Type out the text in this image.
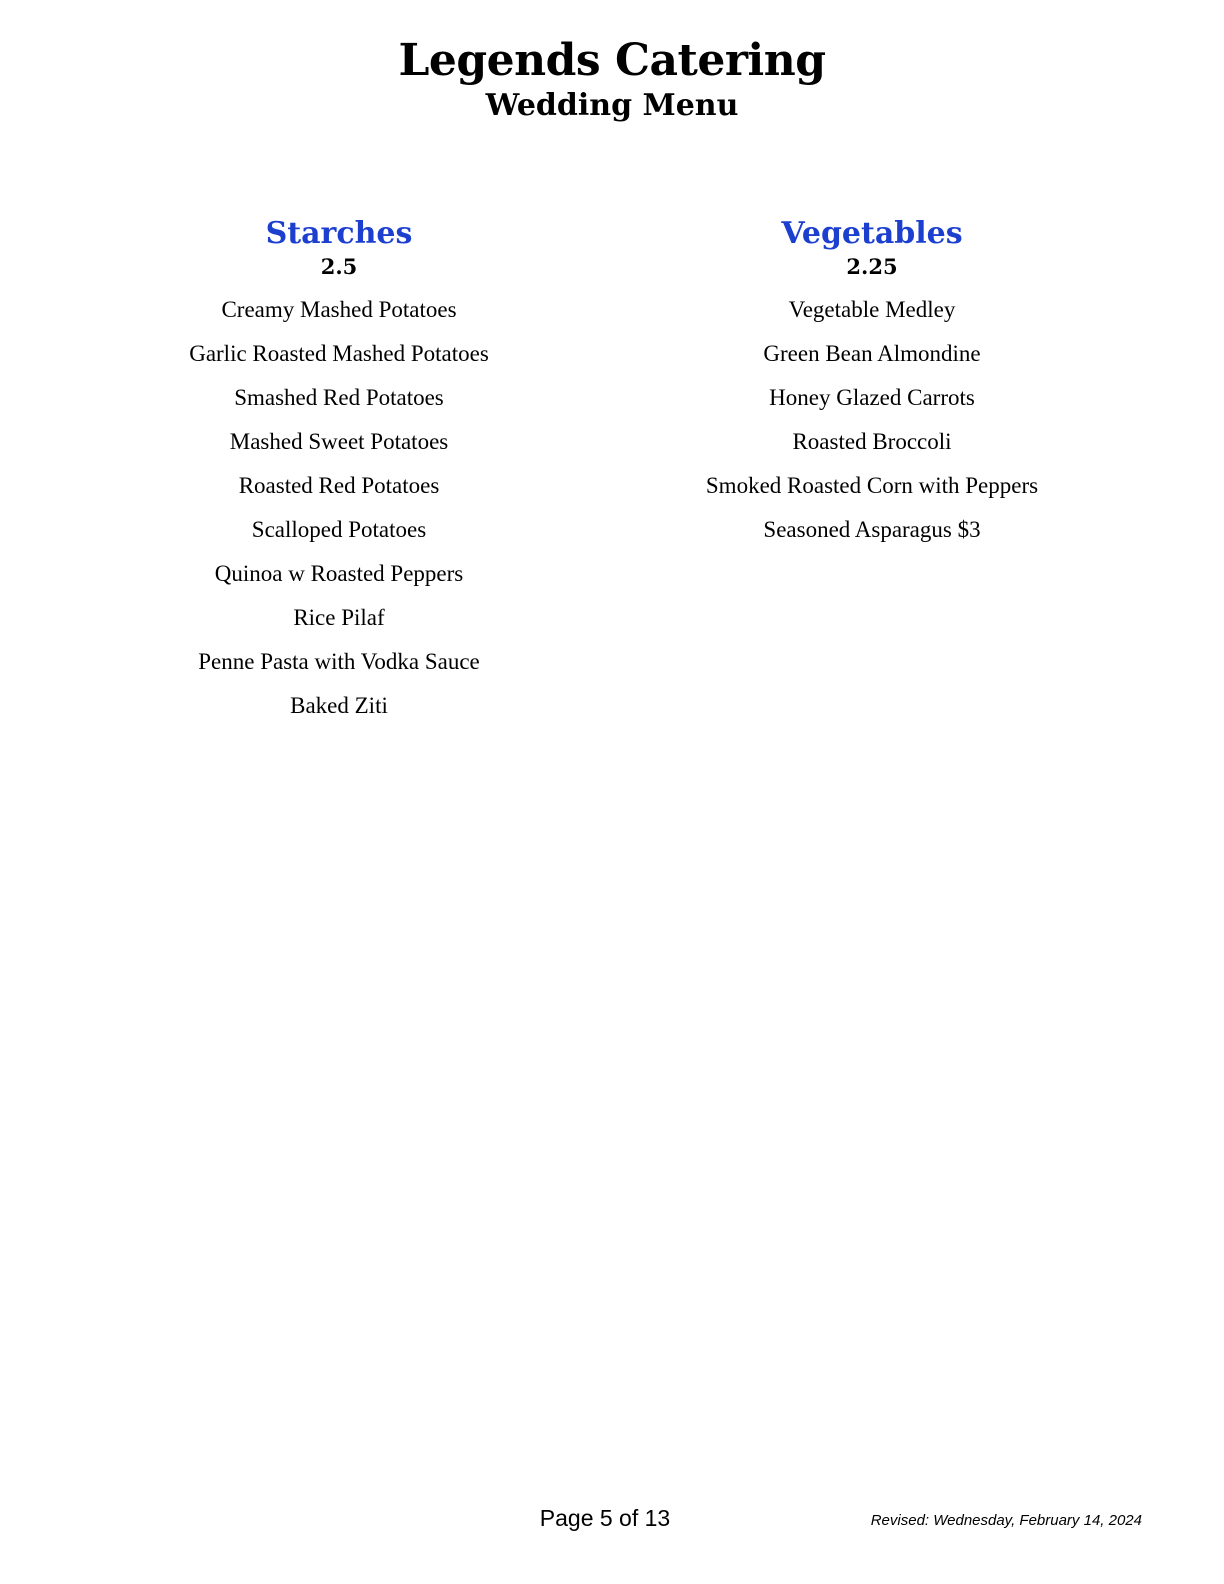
Legends Catering
Wedding Menu
Starches
2.5
Creamy Mashed Potatoes
Garlic Roasted Mashed Potatoes
Smashed Red Potatoes
Mashed Sweet Potatoes
Roasted Red Potatoes
Scalloped Potatoes
Quinoa w Roasted Peppers
Rice Pilaf
Penne Pasta with Vodka Sauce
Baked Ziti
Vegetables
2.25
Vegetable Medley
Green Bean Almondine
Honey Glazed Carrots
Roasted Broccoli
Smoked Roasted Corn with Peppers
Seasoned Asparagus $3
Page 5 of 13	Revised: Wednesday, February 14, 2024
